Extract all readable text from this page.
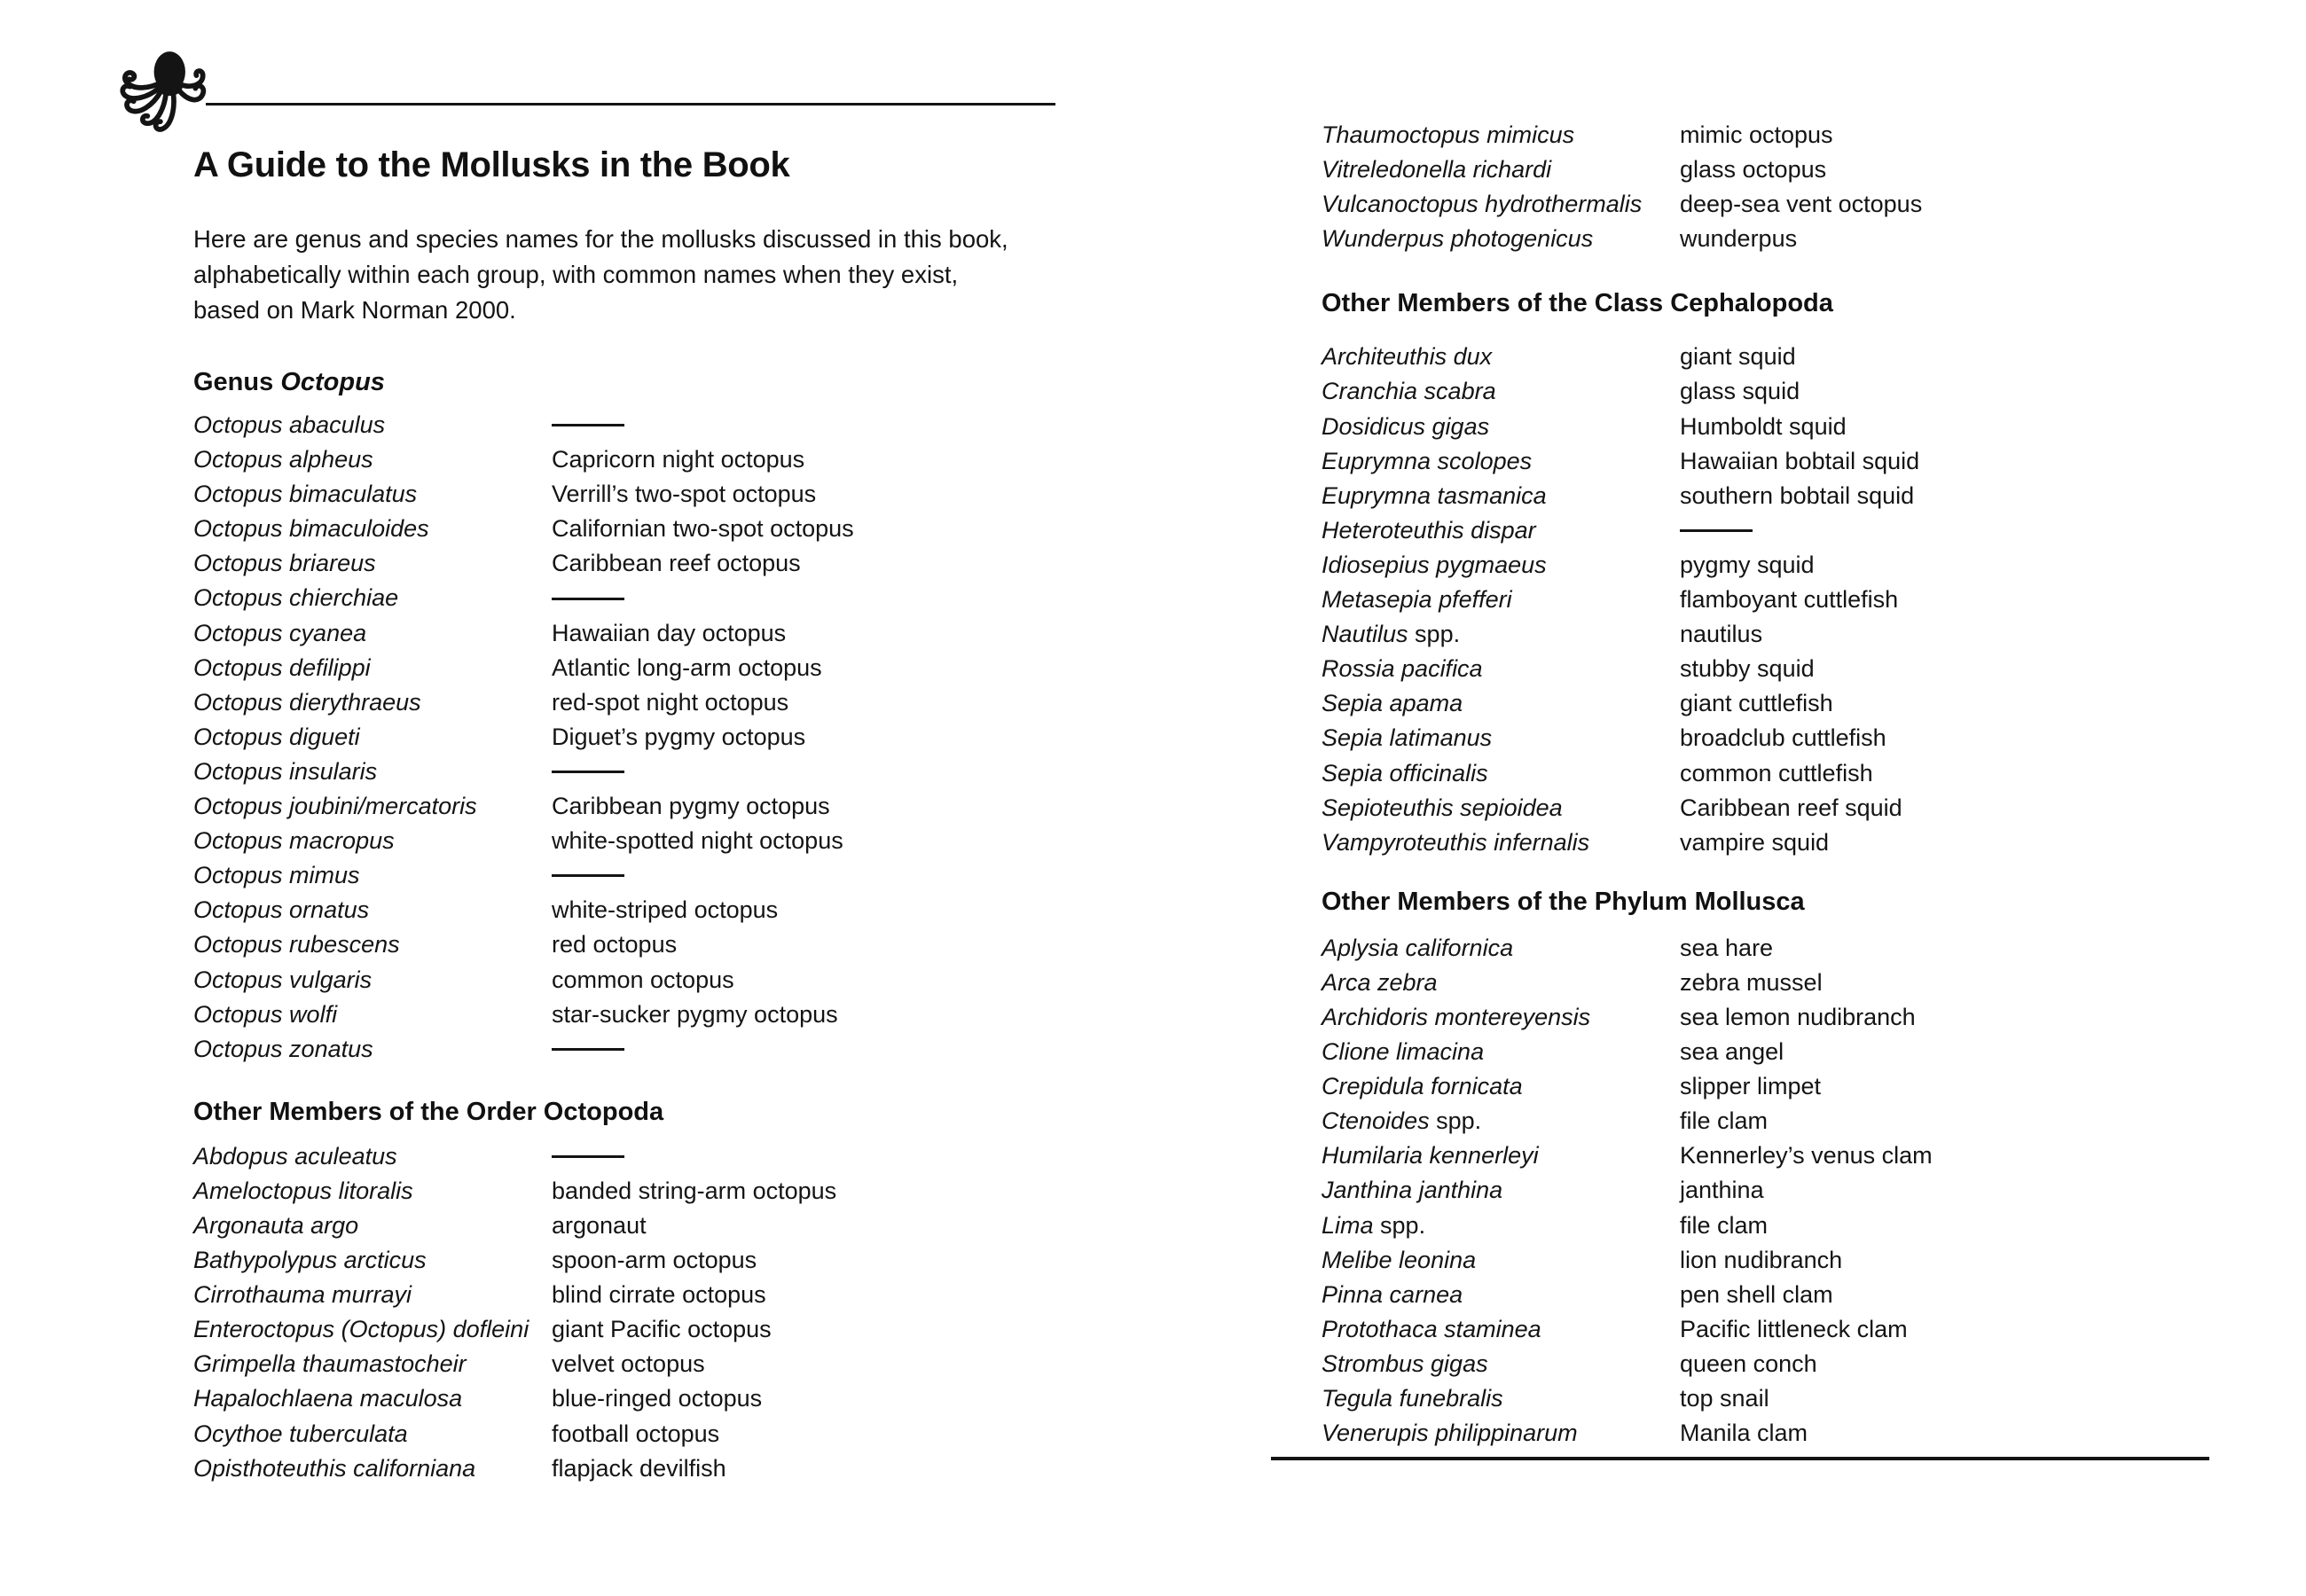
A Guide to the Mollusks in the Book
Here are genus and species names for the mollusks discussed in this book,
alphabetically within each group, with common names when they exist,
based on Mark Norman 2000.
Genus Octopus
Octopus abaculus
Octopus alpheus	Capricorn night octopus
Octopus bimaculatus	Verrill’s two-spot octopus
Octopus bimaculoides	Californian two-spot octopus
Octopus briareus	Caribbean reef octopus
Octopus chierchiae
Octopus cyanea	Hawaiian day octopus
Octopus defilippi	Atlantic long-arm octopus
Octopus dierythraeus	red-spot night octopus
Octopus digueti	Diguet’s pygmy octopus
Octopus insularis
Octopus joubini/mercatoris	Caribbean pygmy octopus
Octopus macropus	white-spotted night octopus
Octopus mimus
Octopus ornatus	white-striped octopus
Octopus rubescens	red octopus
Octopus vulgaris	common octopus
Octopus wolfi	star-sucker pygmy octopus
Octopus zonatus
Other Members of the Order Octopoda
Abdopus aculeatus
Ameloctopus litoralis	banded string-arm octopus
Argonauta argo	argonaut
Bathypolypus arcticus	spoon-arm octopus
Cirrothauma murrayi	blind cirrate octopus
Enteroctopus (Octopus) dofleini giant Pacific octopus
Grimpella thaumastocheir	velvet octopus
Hapalochlaena maculosa	blue-ringed octopus
Ocythoe tuberculata	football octopus
Opisthoteuthis californiana	flapjack devilfish
Thaumoctopus mimicus	mimic octopus
Vitreledonella richardi	glass octopus
Vulcanoctopus hydrothermalis	deep-sea vent octopus
Wunderpus photogenicus	wunderpus
Other Members of the Class Cephalopoda
Architeuthis dux	giant squid
Cranchia scabra	glass squid
Dosidicus gigas	Humboldt squid
Euprymna scolopes	Hawaiian bobtail squid
Euprymna tasmanica	southern bobtail squid
Heteroteuthis dispar
Idiosepius pygmaeus	pygmy squid
Metasepia pfefferi	flamboyant cuttlefish
Nautilus spp.	nautilus
Rossia pacifica	stubby squid
Sepia apama	giant cuttlefish
Sepia latimanus	broadclub cuttlefish
Sepia officinalis	common cuttlefish
Sepioteuthis sepioidea	Caribbean reef squid
Vampyroteuthis infernalis	vampire squid
Other Members of the Phylum Mollusca
Aplysia californica	sea hare
Arca zebra	zebra mussel
Archidoris montereyensis	sea lemon nudibranch
Clione limacina	sea angel
Crepidula fornicata	slipper limpet
Ctenoides spp.	file clam
Humilaria kennerleyi	Kennerley’s venus clam
Janthina janthina	janthina
Lima spp.	file clam
Melibe leonina	lion nudibranch
Pinna carnea	pen shell clam
Protothaca staminea	Pacific littleneck clam
Strombus gigas	queen conch
Tegula funebralis	top snail
Venerupis philippinarum	Manila clam
